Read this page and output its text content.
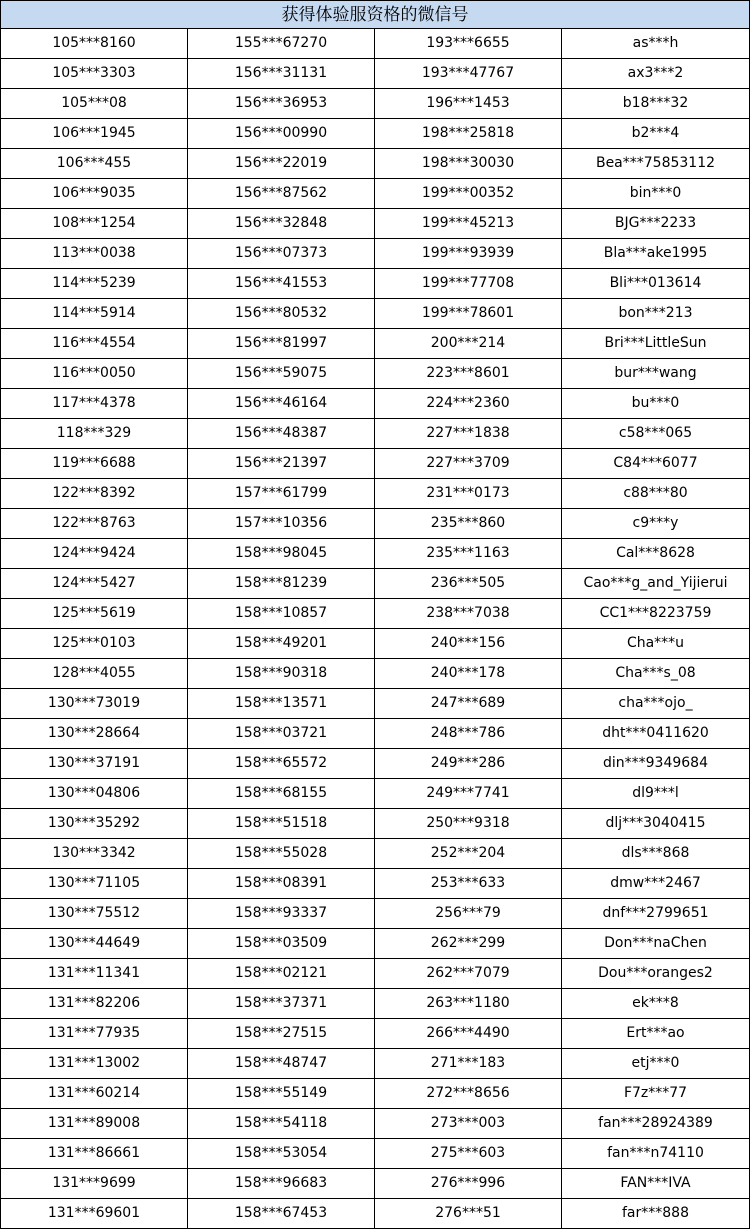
获得体验服资格的微信号			
105***8160	155***67270	193***6655	as***h
105***3303	156***31131	193***47767	ax3***2
105***08	156***36953	196***1453	b18***32
106***1945	156***00990	198***25818	b2***4
106***455	156***22019	198***30030	Bea***75853112
106***9035	156***87562	199***00352	bin***0
108***1254	156***32848	199***45213	BJG***2233
113***0038	156***07373	199***93939	Bla***ake1995
114***5239	156***41553	199***77708	Bli***013614
114***5914	156***80532	199***78601	bon***213
116***4554	156***81997	200***214	Bri***LittleSun
116***0050	156***59075	223***8601	bur***wang
117***4378	156***46164	224***2360	bu***0
118***329	156***48387	227***1838	c58***065
119***6688	156***21397	227***3709	C84***6077
122***8392	157***61799	231***0173	c88***80
122***8763	157***10356	235***860	c9***y
124***9424	158***98045	235***1163	Cal***8628
124***5427	158***81239	236***505	Cao***g_and_Yijierui
125***5619	158***10857	238***7038	CC1***8223759
125***0103	158***49201	240***156	Cha***u
128***4055	158***90318	240***178	Cha***s_08
130***73019	158***13571	247***689	cha***ojo_
130***28664	158***03721	248***786	dht***0411620
130***37191	158***65572	249***286	din***9349684
130***04806	158***68155	249***7741	dl9***l
130***35292	158***51518	250***9318	dlj***3040415
130***3342	158***55028	252***204	dls***868
130***71105	158***08391	253***633	dmw***2467
130***75512	158***93337	256***79	dnf***2799651
130***44649	158***03509	262***299	Don***naChen
131***11341	158***02121	262***7079	Dou***oranges2
131***82206	158***37371	263***1180	ek***8
131***77935	158***27515	266***4490	Ert***ao
131***13002	158***48747	271***183	etj***0
131***60214	158***55149	272***8656	F7z***77
131***89008	158***54118	273***003	fan***28924389
131***86661	158***53054	275***603	fan***n74110
131***9699	158***96683	276***996	FAN***IVA
131***69601	158***67453	276***51	far***888
